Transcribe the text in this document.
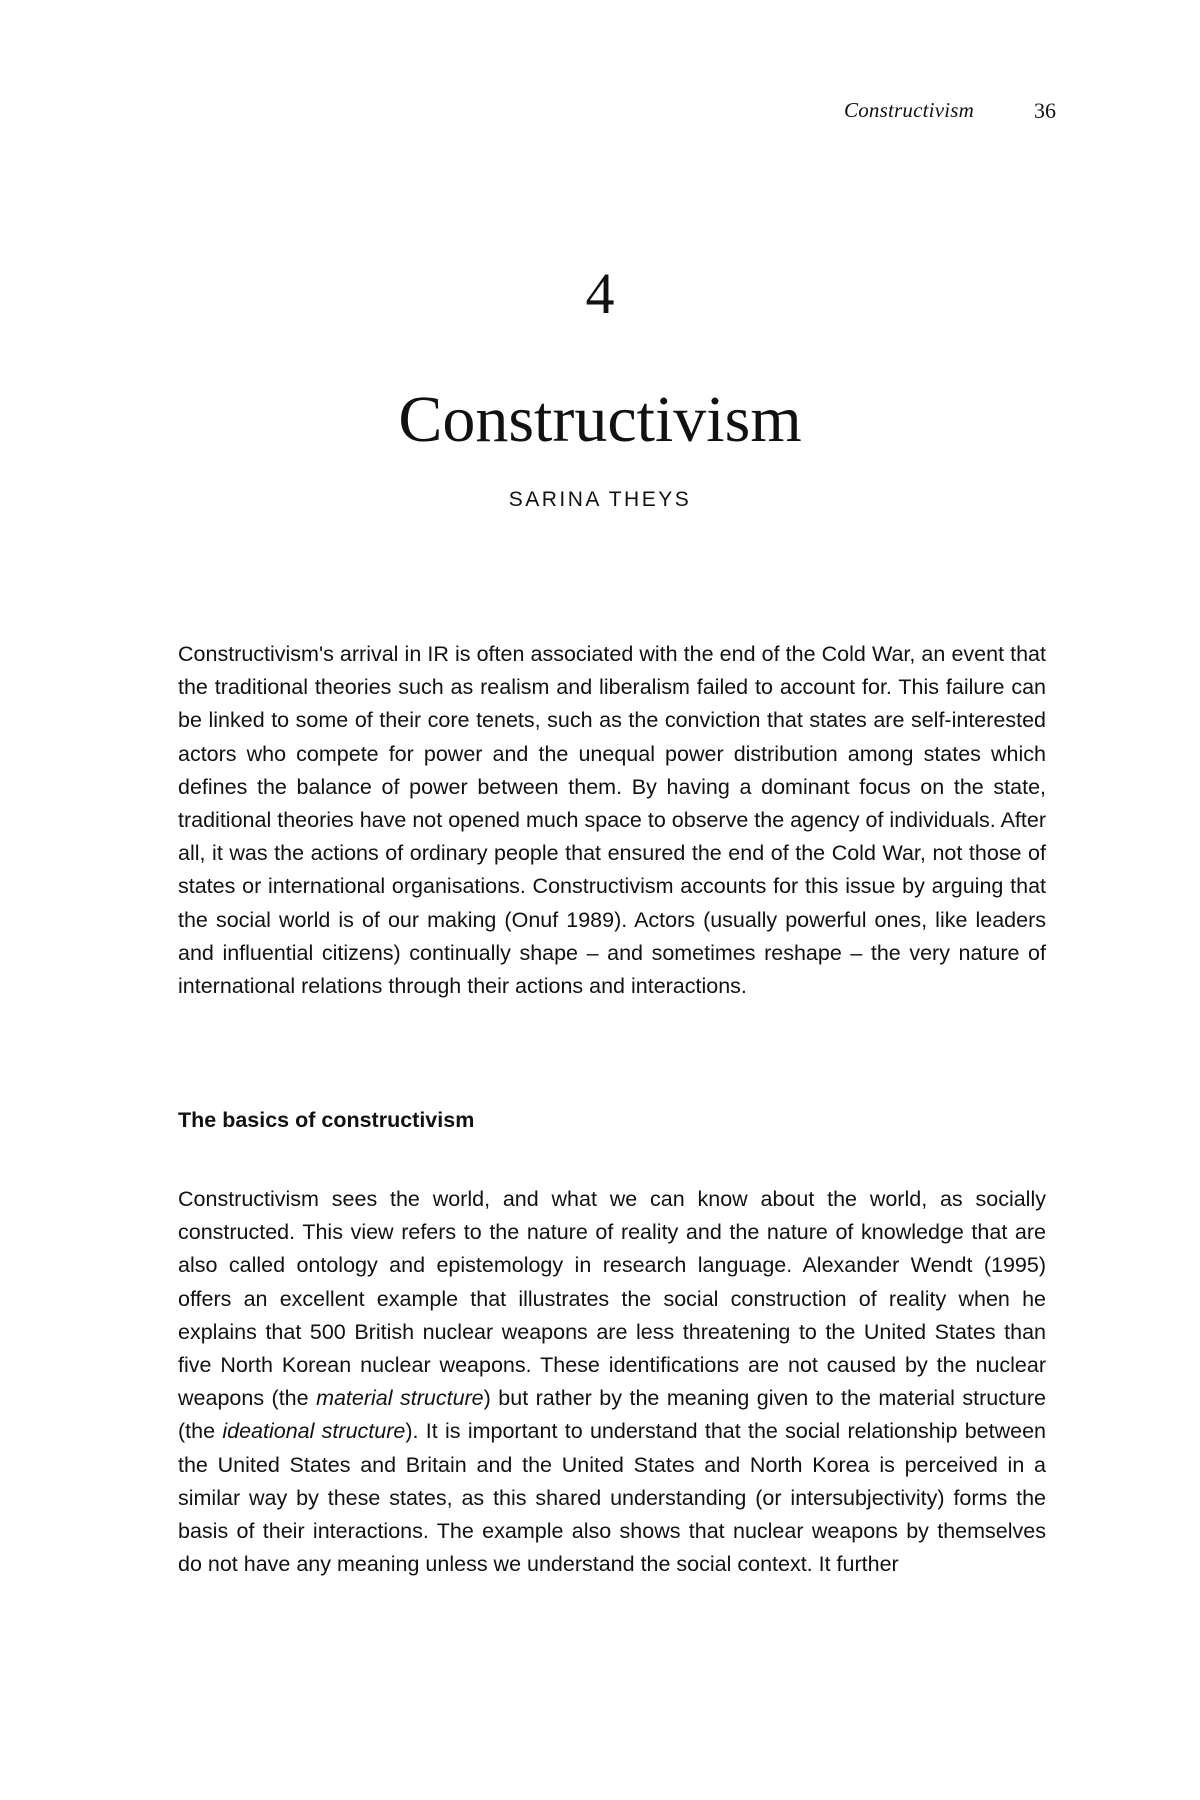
Constructivism	36
4
Constructivism
SARINA THEYS

Constructivism's arrival in IR is often associated with the end of the Cold War, an event that the traditional theories such as realism and liberalism failed to account for. This failure can be linked to some of their core tenets, such as the conviction that states are self-interested actors who compete for power and the unequal power distribution among states which defines the balance of power between them. By having a dominant focus on the state, traditional theories have not opened much space to observe the agency of individuals. After all, it was the actions of ordinary people that ensured the end of the Cold War, not those of states or international organisations. Constructivism accounts for this issue by arguing that the social world is of our making (Onuf 1989). Actors (usually powerful ones, like leaders and influential citizens) continually shape – and sometimes reshape – the very nature of international relations through their actions and interactions.

The basics of constructivism

Constructivism sees the world, and what we can know about the world, as socially constructed. This view refers to the nature of reality and the nature of knowledge that are also called ontology and epistemology in research language. Alexander Wendt (1995) offers an excellent example that illustrates the social construction of reality when he explains that 500 British nuclear weapons are less threatening to the United States than five North Korean nuclear weapons. These identifications are not caused by the nuclear weapons (the material structure) but rather by the meaning given to the material structure (the ideational structure). It is important to understand that the social relationship between the United States and Britain and the United States and North Korea is perceived in a similar way by these states, as this shared understanding (or intersubjectivity) forms the basis of their interactions. The example also shows that nuclear weapons by themselves do not have any meaning unless we understand the social context. It further
